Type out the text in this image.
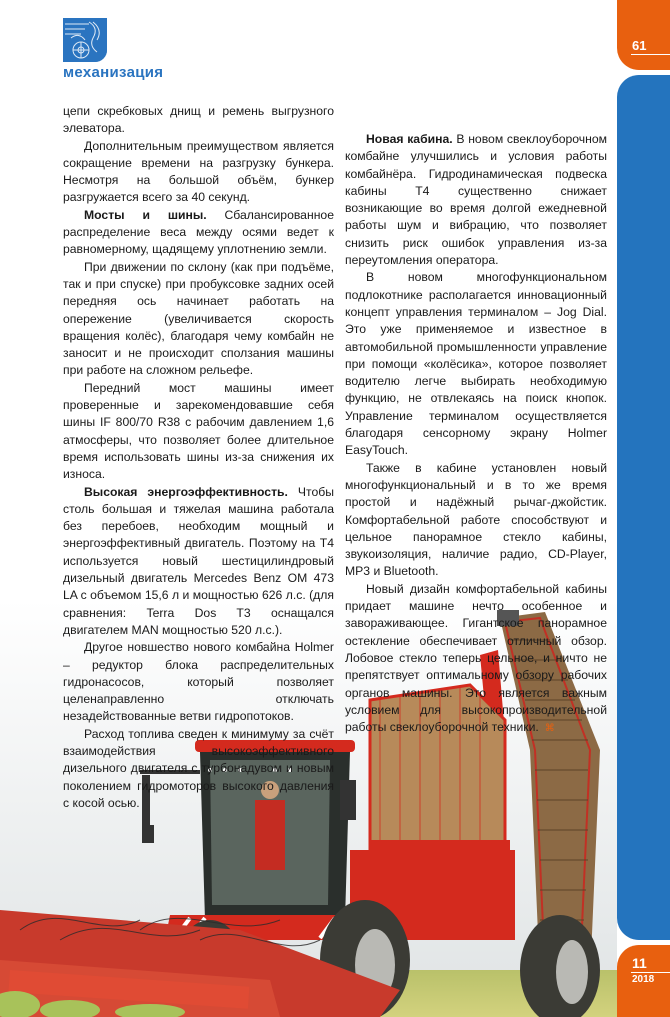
механизация
61
11
2018

цепи скребковых днищ и ремень выгрузного элеватора.

Дополнительным преимуществом является сокращение времени на разгрузку бункера. Несмотря на большой объём, бункер разгружается всего за 40 секунд.

Мосты и шины. Сбалансированное распределение веса между осями ведет к равномерному, щадящему уплотнению земли.

При движении по склону (как при подъёме, так и при спуске) при пробуксовке задних осей передняя ось начинает работать на опережение (увеличивается скорость вращения колёс), благодаря чему комбайн не заносит и не происходит сползания машины при работе на сложном рельефе.

Передний мост машины имеет проверенные и зарекомендовавшие себя шины IF 800/70 R38 с рабочим давлением 1,6 атмосферы, что позволяет более длительное время использовать шины из-за снижения их износа.

Высокая энергоэффективность. Чтобы столь большая и тяжелая машина работала без перебоев, необходим мощный и энергоэффективный двигатель. Поэтому на Т4 используется новый шестицилиндровый дизельный двигатель Mercedes Benz OM 473 LA с объемом 15,6 л и мощностью 626 л.с. (для сравнения: Terra Dos T3 оснащался двигателем MAN мощностью 520 л.с.).

Другое новшество нового комбайна Holmer – редуктор блока распределительных гидронасосов, который позволяет целенаправленно отключать незадействованные ветви гидропотоков.

Расход топлива сведен к минимуму за счёт взаимодействия высокоэффективного дизельного двигателя с турбонадувом и новым поколением гидромоторов высокого давления с косой осью.

Новая кабина. В новом свеклоуборочном комбайне улучшились и условия работы комбайнёра. Гидродинамическая подвеска кабины Т4 существенно снижает возникающие во время долгой ежедневной работы шум и вибрацию, что позволяет снизить риск ошибок управления из-за переутомления оператора.

В новом многофункциональном подлокотнике располагается инновационный концепт управления терминалом – Jog Dial. Это уже применяемое и известное в автомобильной промышленности управление при помощи «колёсика», которое позволяет водителю легче выбирать необходимую функцию, не отвлекаясь на поиск кнопок. Управление терминалом осуществляется благодаря сенсорному экрану Holmer EasyTouch.

Также в кабине установлен новый многофункциональный и в то же время простой и надёжный рычаг-джойстик. Комфортабельной работе способствуют и цельное панорамное стекло кабины, звукоизоляция, наличие радио, CD-Player, MP3 и Bluetooth.

Новый дизайн комфортабельной кабины придает машине нечто особенное и завораживающее. Гигантское панорамное остекление обеспечивает отличный обзор. Лобовое стекло теперь цельное, и ничто не препятствует оптимальному обзору рабочих органов машины. Это является важным условием для высокопроизводительной работы свеклоуборочной техники. ⌘
